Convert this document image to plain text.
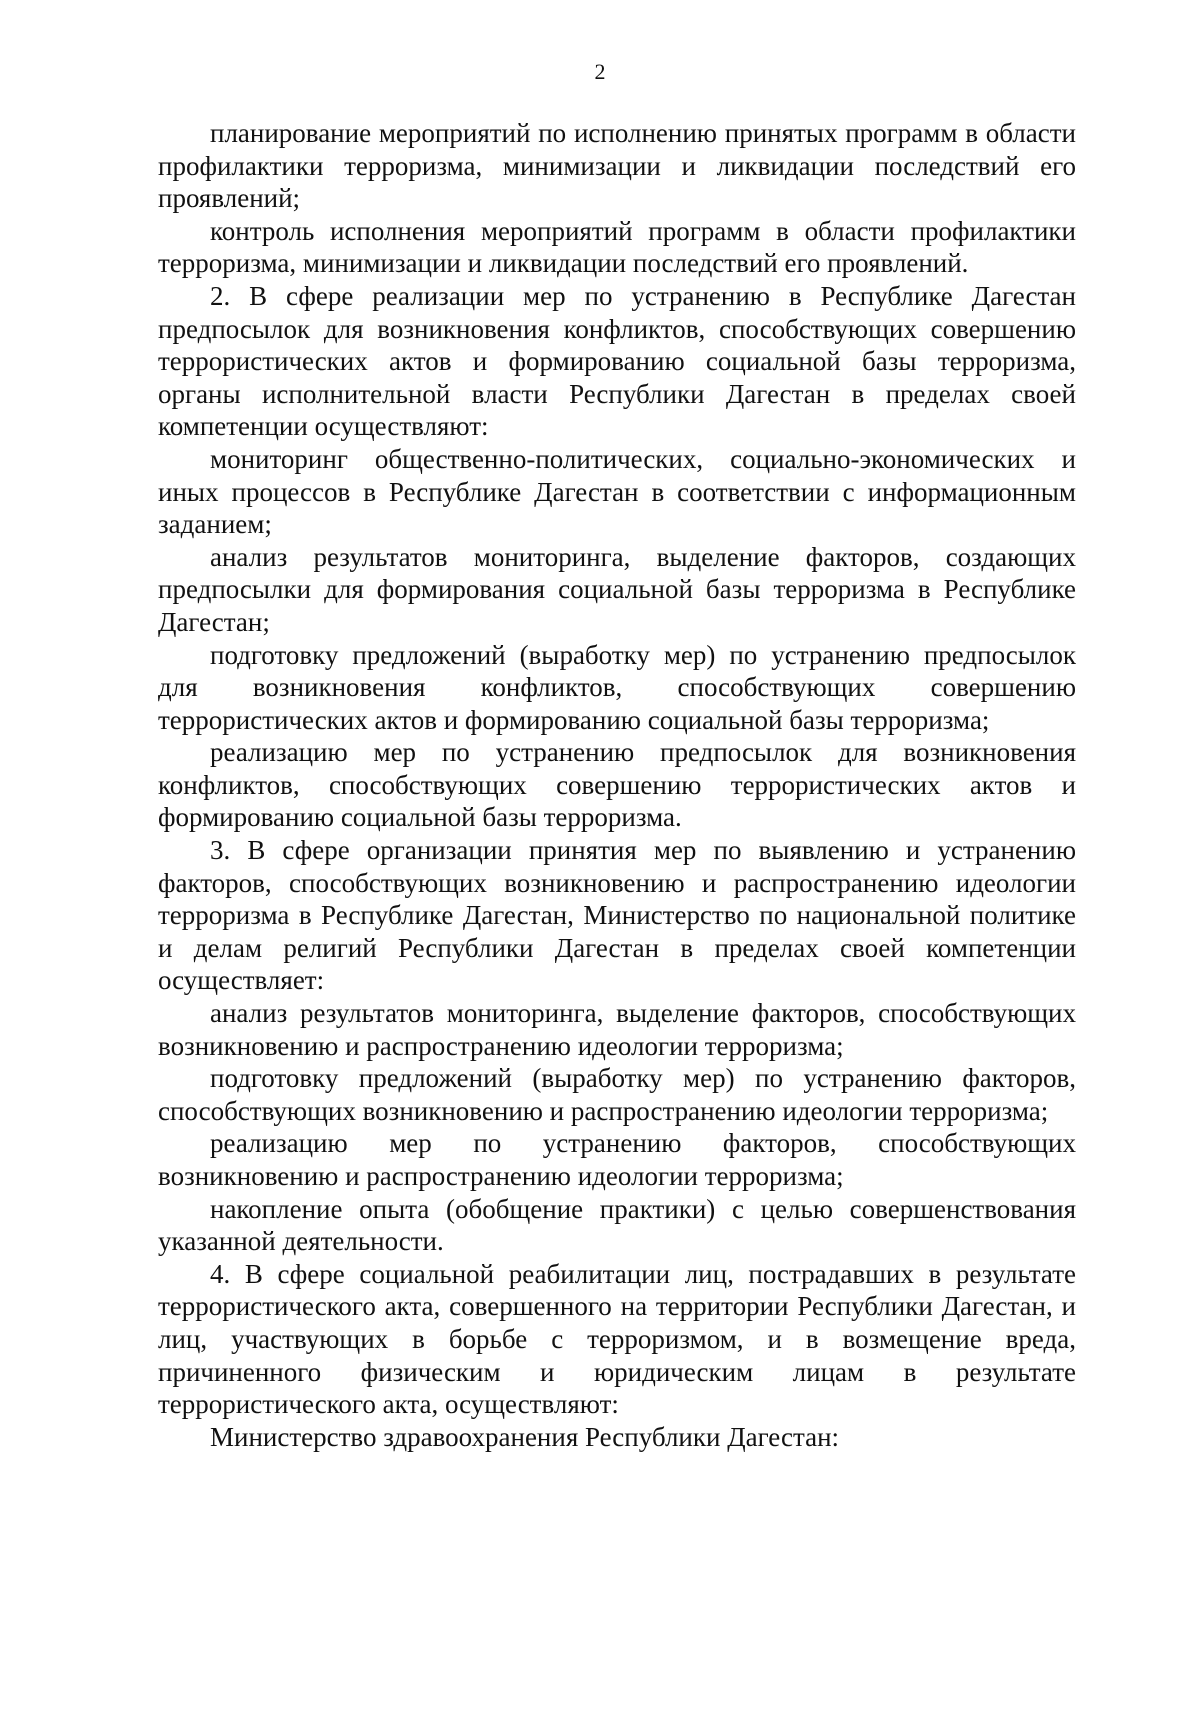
2

планирование мероприятий по исполнению принятых программ в области профилактики терроризма, минимизации и ликвидации последствий его проявлений;

контроль исполнения мероприятий программ в области профилактики терроризма, минимизации и ликвидации последствий его проявлений.

2. В сфере реализации мер по устранению в Республике Дагестан предпосылок для возникновения конфликтов, способствующих совершению террористических актов и формированию социальной базы терроризма, органы исполнительной власти Республики Дагестан в пределах своей компетенции осуществляют:

мониторинг общественно-политических, социально-экономических и иных процессов в Республике Дагестан в соответствии с информационным заданием;

анализ результатов мониторинга, выделение факторов, создающих предпосылки для формирования социальной базы терроризма в Республике Дагестан;

подготовку предложений (выработку мер) по устранению предпосылок для возникновения конфликтов, способствующих совершению террористических актов и формированию социальной базы терроризма;

реализацию мер по устранению предпосылок для возникновения конфликтов, способствующих совершению террористических актов и формированию социальной базы терроризма.

3. В сфере организации принятия мер по выявлению и устранению факторов, способствующих возникновению и распространению идеологии терроризма в Республике Дагестан, Министерство по национальной политике и делам религий Республики Дагестан в пределах своей компетенции осуществляет:

анализ результатов мониторинга, выделение факторов, способствующих возникновению и распространению идеологии терроризма;

подготовку предложений (выработку мер) по устранению факторов, способствующих возникновению и распространению идеологии терроризма;

реализацию мер по устранению факторов, способствующих возникновению и распространению идеологии терроризма;

накопление опыта (обобщение практики) с целью совершенствования указанной деятельности.

4. В сфере социальной реабилитации лиц, пострадавших в результате террористического акта, совершенного на территории Республики Дагестан, и лиц, участвующих в борьбе с терроризмом, и в возмещение вреда, причиненного физическим и юридическим лицам в результате террористического акта, осуществляют:

Министерство здравоохранения Республики Дагестан:
